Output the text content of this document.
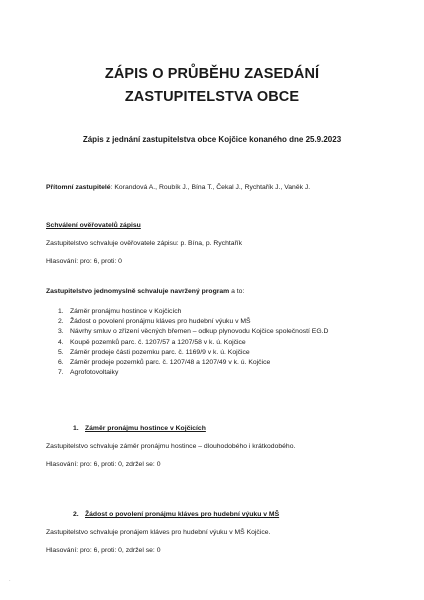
ZÁPIS O PRŮBĚHU ZASEDÁNÍ
ZASTUPITELSTVA OBCE

Zápis z jednání zastupitelstva obce Kojčice konaného dne 25.9.2023

Přítomní zastupitelé: Korandová A., Roubík J., Bína T., Čekal J., Rychtařík J., Vaněk J.

Schválení ověřovatelů zápisu

Zastupitelstvo schvaluje ověřovatele zápisu: p. Bína, p. Rychtařík

Hlasování: pro: 6, proti: 0

Zastupitelstvo jednomyslně schvaluje navržený program a to:

1. Záměr pronájmu hostince v Kojčicích
2. Žádost o povolení pronájmu kláves pro hudební výuku v MŠ
3. Návrhy smluv o zřízení věcných břemen – odkup plynovodu Kojčice společností EG.D
4. Koupě pozemků parc. č. 1207/57 a 1207/58 v k. ú. Kojčice
5. Záměr prodeje části pozemku parc. č. 1169/9 v k. ú. Kojčice
6. Záměr prodeje pozemků parc. č. 1207/48 a 1207/49 v k. ú. Kojčice
7. Agrofotovoltaiky
1. Záměr pronájmu hostince v Kojčicích

Zastupitelstvo schvaluje záměr pronájmu hostince – dlouhodobého i krátkodobého.

Hlasování: pro: 6, proti: 0, zdržel se: 0

2. Žádost o povolení pronájmu kláves pro hudební výuku v MŠ

Zastupitelstvo schvaluje pronájem kláves pro hudební výuku v MŠ Kojčice.

Hlasování: pro: 6, proti: 0, zdržel se: 0

·
